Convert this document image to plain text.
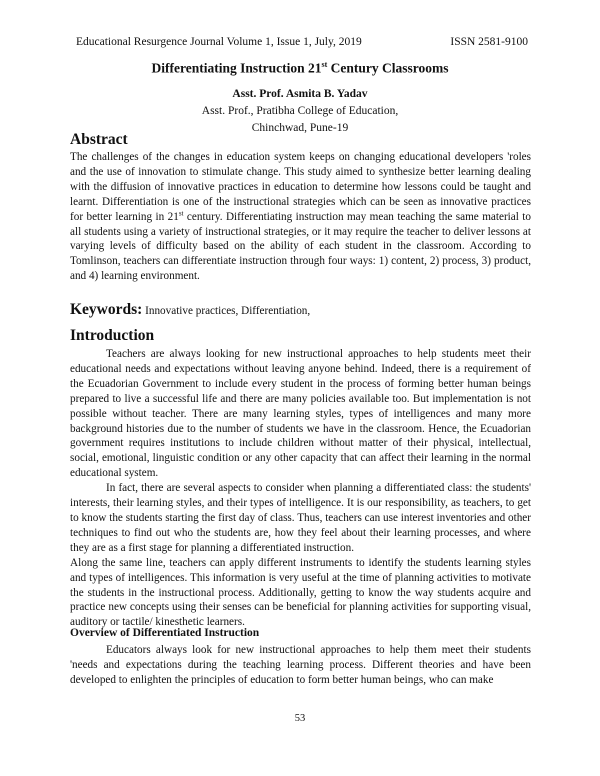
Educational Resurgence Journal Volume 1, Issue 1, July, 2019	ISSN 2581-9100
Differentiating Instruction 21st Century Classrooms
Asst. Prof. Asmita B. Yadav
Asst. Prof., Pratibha College of Education,
Chinchwad, Pune-19
Abstract

The challenges of the changes in education system keeps on changing educational developers 'roles and the use of innovation to stimulate change. This study aimed to synthesize better learning dealing with the diffusion of innovative practices in education to determine how lessons could be taught and learnt. Differentiation is one of the instructional strategies which can be seen as innovative practices for better learning in 21st century. Differentiating instruction may mean teaching the same material to all students using a variety of instructional strategies, or it may require the teacher to deliver lessons at varying levels of difficulty based on the ability of each student in the classroom. According to Tomlinson, teachers can differentiate instruction through four ways: 1) content, 2) process, 3) product, and 4) learning environment.

Keywords: Innovative practices, Differentiation,
Introduction

Teachers are always looking for new instructional approaches to help students meet their educational needs and expectations without leaving anyone behind. Indeed, there is a requirement of the Ecuadorian Government to include every student in the process of forming better human beings prepared to live a successful life and there are many policies available too. But implementation is not possible without teacher. There are many learning styles, types of intelligences and many more background histories due to the number of students we have in the classroom. Hence, the Ecuadorian government requires institutions to include children without matter of their physical, intellectual, social, emotional, linguistic condition or any other capacity that can affect their learning in the normal educational system.

In fact, there are several aspects to consider when planning a differentiated class: the students' interests, their learning styles, and their types of intelligence. It is our responsibility, as teachers, to get to know the students starting the first day of class. Thus, teachers can use interest inventories and other techniques to find out who the students are, how they feel about their learning processes, and where they are as a first stage for planning a differentiated instruction.

Along the same line, teachers can apply different instruments to identify the students learning styles and types of intelligences. This information is very useful at the time of planning activities to motivate the students in the instructional process. Additionally, getting to know the way students acquire and practice new concepts using their senses can be beneficial for planning activities for supporting visual, auditory or tactile/ kinesthetic learners.

Overview of Differentiated Instruction

Educators always look for new instructional approaches to help them meet their students 'needs and expectations during the teaching learning process. Different theories and have been developed to enlighten the principles of education to form better human beings, who can make

53
